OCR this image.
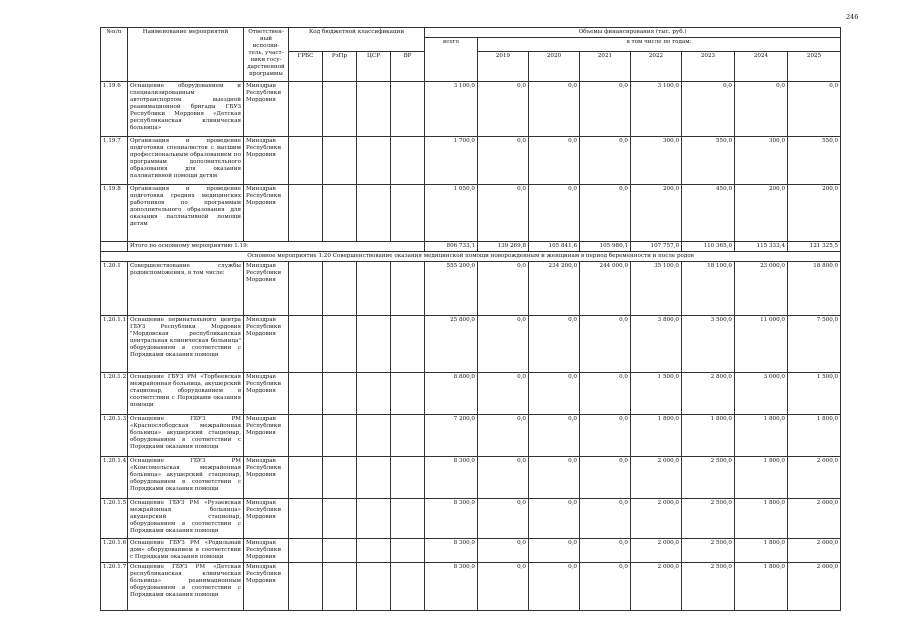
246
№п/п	Наименование мероприятий	Ответствен-ный исполни-тель, участ-ники госу-дарственной программы	Код бюджетной классификации				Объемы финансирования (тыс. руб.)							
							всего	в том числе по годам:						
			ГРБС	РзПр	ЦСР	ВР		2019	2020	2021	2022	2023	2024	2025
1.19.6	Оснащение оборудованием и специализированным автотранспортом выездной реанимационной бригады ГБУЗ Республики Мордовия «Детская республиканская клиническая больница»	Минздрав Республики Мордовия					3 100,0	0,0	0,0	0,0	3 100,0	0,0	0,0	0,0
1.19.7	Организация и проведение подготовки специалистов с высшим профессиональным образованием по программам дополнительного образования для оказания паллиативной помощи детям	Минздрав Республики Мордовия					1 700,0	0,0	0,0	0,0	300,0	550,0	300,0	550,0
1.19.8	Организация и проведение подготовки средних медицинских работников по программам дополнительного образования для оказания паллиативной помощи детям	Минздрав Республики Мордовия					1 050,0	0,0	0,0	0,0	200,0	450,0	200,0	200,0
	Итого по основному мероприятию 1.19:						806 733,1	139 269,8	105 841,6	105 980,1	107 757,0	110 365,0	115 333,4	121 325,5
Основное мероприятие 1.20 Совершенствование оказания медицинской помощи новорожденным и женщинам в период беременности и после родов														
1.20.1	Совершенствование службы родовспоможения, в том числе:	Минздрав Республики Мордовия					555 200,0	0,0	234 200,0	244 000,0	35 100,0	18 100,0	23 000,0	18 800,0
1.20.1.1	Оснащение перинатального центра ГБУЗ Республики Мордовия "Мордовская республиканская центральная клиническая больница" оборудованием в соответствии с Порядками оказания помощи	Минздрав Республики Мордовия					25 800,0	0,0	0,0	0,0	3 800,0	3 500,0	11 000,0	7 500,0
1.20.1.2	Оснащение ГБУЗ РМ «Торбеевская межрайонная больница, акушерский стационар, оборудованием в соответствии с Порядками оказания помощи	Минздрав Республики Мордовия					8 800,0	0,0	0,0	0,0	1 500,0	2 800,0	3 000,0	1 500,0
1.20.1.3	Оснащение ГБУЗ РМ «Краснослободская межрайонная больница» акушерский стационар, оборудованием в соответствии с Порядками оказания помощи	Минздрав Республики Мордовия					7 200,0	0,0	0,0	0,0	1 800,0	1 800,0	1 800,0	1 800,0
1.20.1.4	Оснащение ГБУЗ РМ «Комсомольская межрайонная больница» акушерский стационар, оборудованием в соответствии с Порядками оказания помощи	Минздрав Республики Мордовия					8 300,0	0,0	0,0	0,0	2 000,0	2 500,0	1 800,0	2 000,0
1.20.1.5	Оснащение ГБУЗ РМ «Рузаевская межрайонная больница» акушерский стационар, оборудованием в соответствии с Порядками оказания помощи	Минздрав Республики Мордовия					8 300,0	0,0	0,0	0,0	2 000,0	2 500,0	1 800,0	2 000,0
1.20.1.6	Оснащение ГБУЗ РМ «Родильный дом» оборудованием в соответствии с Порядками оказания помощи	Минздрав Республики Мордовия					8 300,0	0,0	0,0	0,0	2 000,0	2 500,0	1 800,0	2 000,0
1.20.1.7	Оснащение ГБУЗ РМ «Детская республиканская клиническая больница» реанимационным оборудованием в соответствии с Порядками оказания помощи	Минздрав Республики Мордовия					8 300,0	0,0	0,0	0,0	2 000,0	2 500,0	1 800,0	2 000,0
